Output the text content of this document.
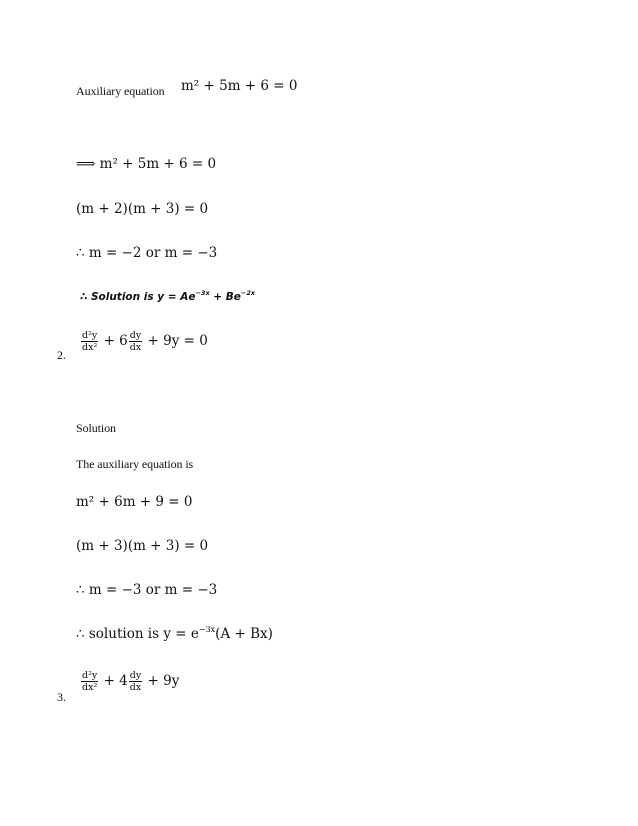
Auxiliary equation m² + 5m + 6 = 0
⟹ m² + 5m + 6 = 0
(m + 2)(m + 3) = 0
∴ m = −2 or m = −3
∴ Solution is $y = Ae^{-3x} + Be^{-2x}$
2.
$\frac{\text{d²y}}{\text{dx²}} + 6 \frac{dy}{dx} + 9y = 0$
Solution
The auxiliary equation is
m² + 6m + 9 = 0
(m + 3)(m + 3) = 0
∴ m = −3 or m = −3
∴ solution is $y = e^{-3x}(A + Bx)$
3.
$\frac{\text{d²y}}{\text{dx²}} + 4 \frac{dy}{dx} + 9y$
